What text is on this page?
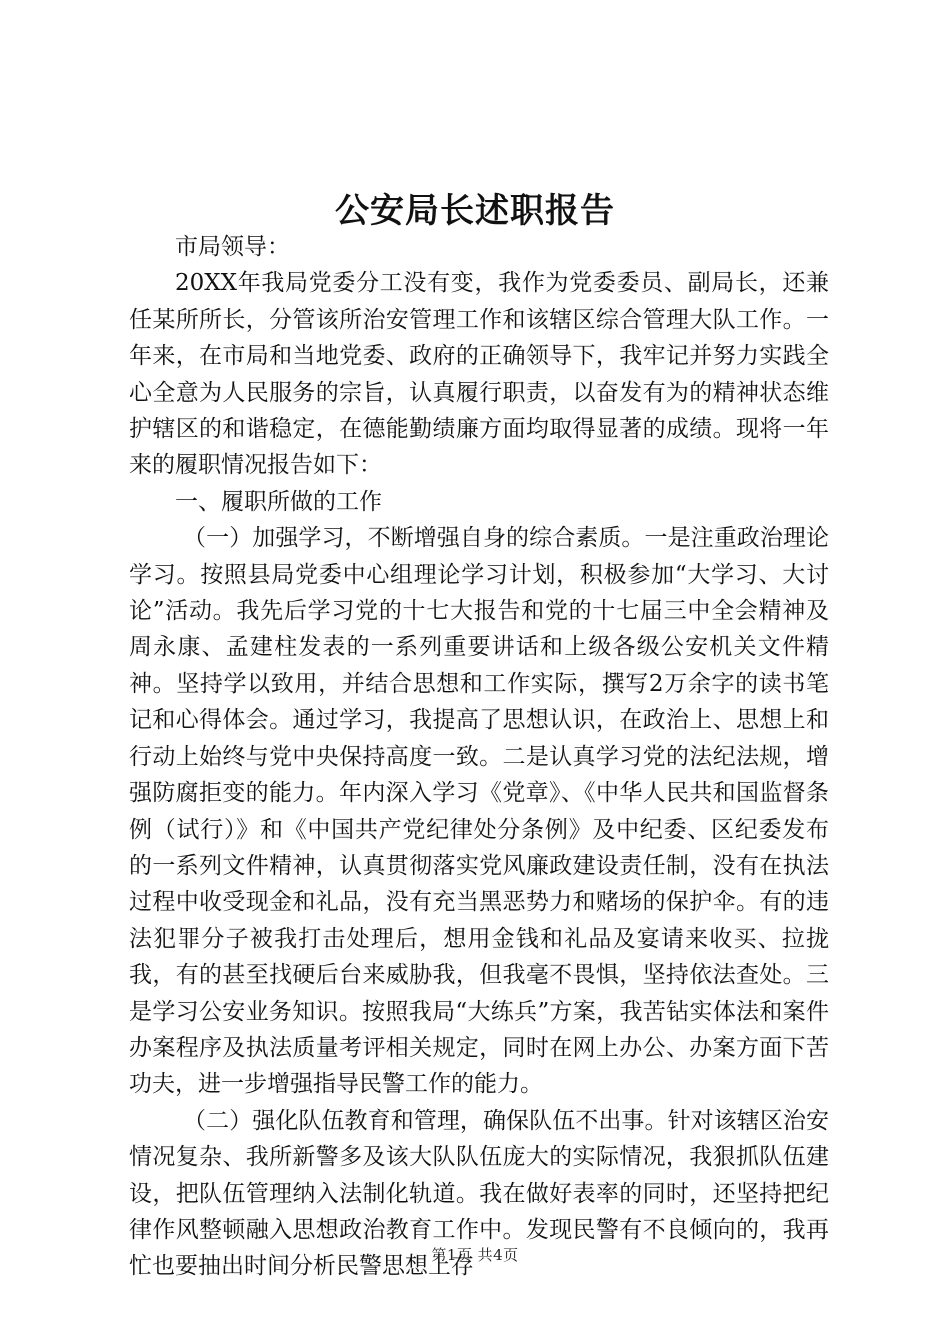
公安局长述职报告

市局领导：

20XX年我局党委分工没有变，我作为党委委员、副局长，还兼任某所所长，分管该所治安管理工作和该辖区综合管理大队工作。一年来，在市局和当地党委、政府的正确领导下，我牢记并努力实践全心全意为人民服务的宗旨，认真履行职责，以奋发有为的精神状态维护辖区的和谐稳定，在德能勤绩廉方面均取得显著的成绩。现将一年来的履职情况报告如下：

一、履职所做的工作

（一）加强学习，不断增强自身的综合素质。一是注重政治理论学习。按照县局党委中心组理论学习计划，积极参加“大学习、大讨论”活动。我先后学习党的十七大报告和党的十七届三中全会精神及周永康、孟建柱发表的一系列重要讲话和上级各级公安机关文件精神。坚持学以致用，并结合思想和工作实际，撰写2万余字的读书笔记和心得体会。通过学习，我提高了思想认识，在政治上、思想上和行动上始终与党中央保持高度一致。二是认真学习党的法纪法规，增强防腐拒变的能力。年内深入学习《党章》、《中华人民共和国监督条例（试行）》和《中国共产党纪律处分条例》及中纪委、区纪委发布的一系列文件精神，认真贯彻落实党风廉政建设责任制，没有在执法过程中收受现金和礼品，没有充当黑恶势力和赌场的保护伞。有的违法犯罪分子被我打击处理后，想用金钱和礼品及宴请来收买、拉拢我，有的甚至找硬后台来威胁我，但我毫不畏惧，坚持依法查处。三是学习公安业务知识。按照我局“大练兵”方案，我苦钻实体法和案件办案程序及执法质量考评相关规定，同时在网上办公、办案方面下苦功夫，进一步增强指导民警工作的能力。

（二）强化队伍教育和管理，确保队伍不出事。针对该辖区治安情况复杂、我所新警多及该大队队伍庞大的实际情况，我狠抓队伍建设，把队伍管理纳入法制化轨道。我在做好表率的同时，还坚持把纪律作风整顿融入思想政治教育工作中。发现民警有不良倾向的，我再忙也要抽出时间分析民警思想上存

第1页 共4页
